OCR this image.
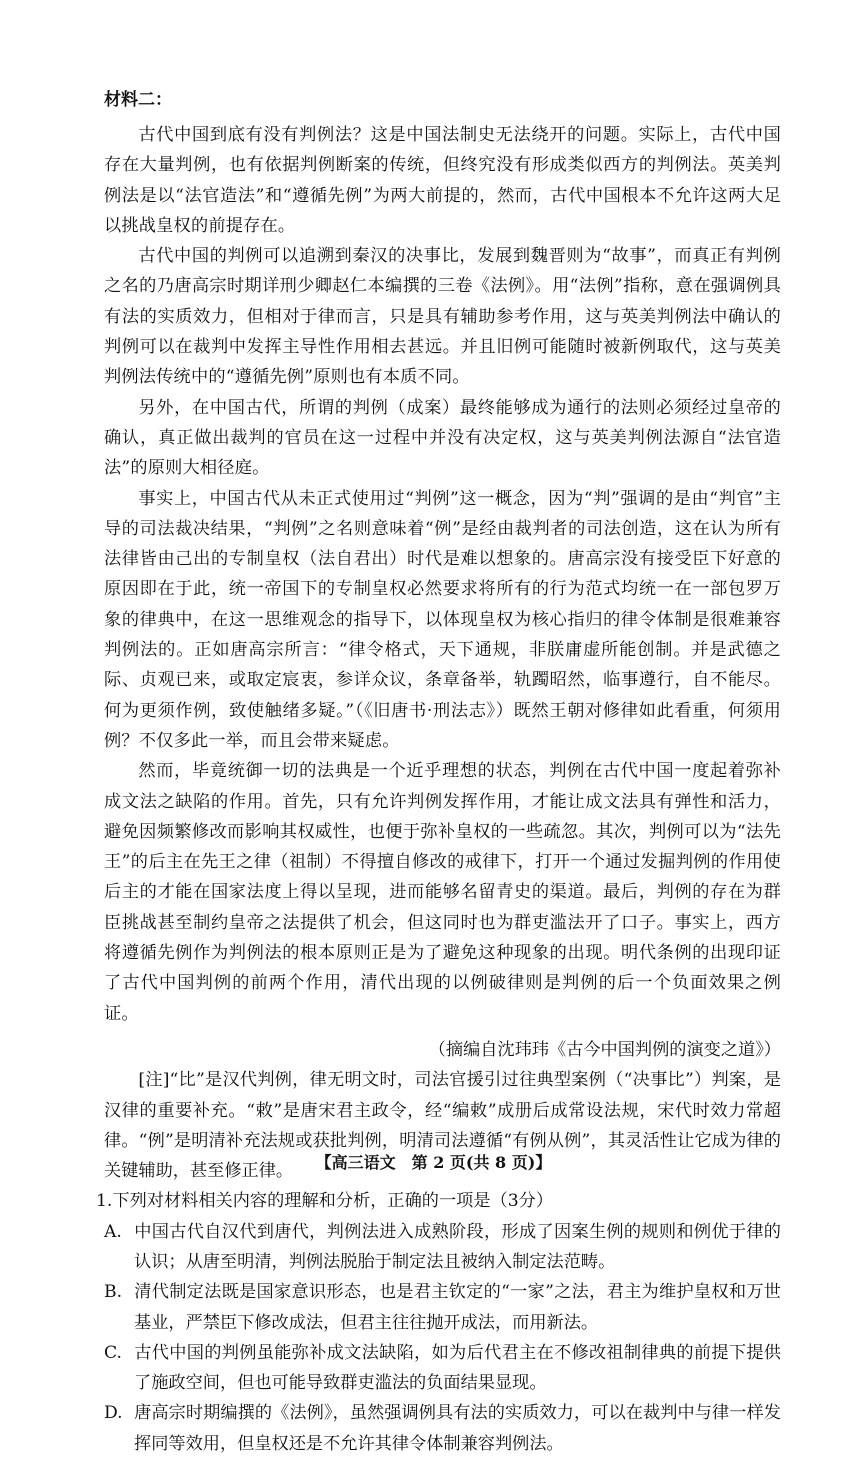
材料二：

古代中国到底有没有判例法？这是中国法制史无法绕开的问题。实际上，古代中国存在大量判例，也有依据判例断案的传统，但终究没有形成类似西方的判例法。英美判例法是以“法官造法”和“遵循先例”为两大前提的，然而，古代中国根本不允许这两大足以挑战皇权的前提存在。

古代中国的判例可以追溯到秦汉的决事比，发展到魏晋则为“故事”，而真正有判例之名的乃唐高宗时期详刑少卿赵仁本编撰的三卷《法例》。用“法例”指称，意在强调例具有法的实质效力，但相对于律而言，只是具有辅助参考作用，这与英美判例法中确认的判例可以在裁判中发挥主导性作用相去甚远。并且旧例可能随时被新例取代，这与英美判例法传统中的“遵循先例”原则也有本质不同。

另外，在中国古代，所谓的判例（成案）最终能够成为通行的法则必须经过皇帝的确认，真正做出裁判的官员在这一过程中并没有决定权，这与英美判例法源自“法官造法”的原则大相径庭。

事实上，中国古代从未正式使用过“判例”这一概念，因为“判”强调的是由“判官”主导的司法裁决结果，“判例”之名则意味着“例”是经由裁判者的司法创造，这在认为所有法律皆由己出的专制皇权（法自君出）时代是难以想象的。唐高宗没有接受臣下好意的原因即在于此，统一帝国下的专制皇权必然要求将所有的行为范式均统一在一部包罗万象的律典中，在这一思维观念的指导下，以体现皇权为核心指归的律令体制是很难兼容判例法的。正如唐高宗所言：“律令格式，天下通规，非朕庸虚所能创制。并是武德之际、贞观已来，或取定宸衷，参详众议，条章备举，轨躅昭然，临事遵行，自不能尽。何为更须作例，致使触绪多疑。”（《旧唐书·刑法志》）既然王朝对修律如此看重，何须用例？不仅多此一举，而且会带来疑虑。

然而，毕竟统御一切的法典是一个近乎理想的状态，判例在古代中国一度起着弥补成文法之缺陷的作用。首先，只有允许判例发挥作用，才能让成文法具有弹性和活力，避免因频繁修改而影响其权威性，也便于弥补皇权的一些疏忽。其次，判例可以为“法先王”的后主在先王之律（祖制）不得擅自修改的戒律下，打开一个通过发掘判例的作用使后主的才能在国家法度上得以呈现，进而能够名留青史的渠道。最后，判例的存在为群臣挑战甚至制约皇帝之法提供了机会，但这同时也为群吏滥法开了口子。事实上，西方将遵循先例作为判例法的根本原则正是为了避免这种现象的出现。明代条例的出现印证了古代中国判例的前两个作用，清代出现的以例破律则是判例的后一个负面效果之例证。

（摘编自沈玮玮《古今中国判例的演变之道》）

[注]“比”是汉代判例，律无明文时，司法官援引过往典型案例（“决事比”）判案，是汉律的重要补充。“敕”是唐宋君主政令，经“编敕”成册后成常设法规，宋代时效力常超律。“例”是明清补充法规或获批判例，明清司法遵循“有例从例”，其灵活性让它成为律的关键辅助，甚至修正律。

1.下列对材料相关内容的理解和分析，正确的一项是（3分）

A. 中国古代自汉代到唐代，判例法进入成熟阶段，形成了因案生例的规则和例优于律的认识；从唐至明清，判例法脱胎于制定法且被纳入制定法范畴。

B. 清代制定法既是国家意识形态，也是君主钦定的“一家”之法，君主为维护皇权和万世基业，严禁臣下修改成法，但君主往往抛开成法，而用新法。

C. 古代中国的判例虽能弥补成文法缺陷，如为后代君主在不修改祖制律典的前提下提供了施政空间，但也可能导致群吏滥法的负面结果显现。

D. 唐高宗时期编撰的《法例》，虽然强调例具有法的实质效力，可以在裁判中与律一样发挥同等效用，但皇权还是不允许其律令体制兼容判例法。

【高三语文　第 2 页(共 8 页)】
